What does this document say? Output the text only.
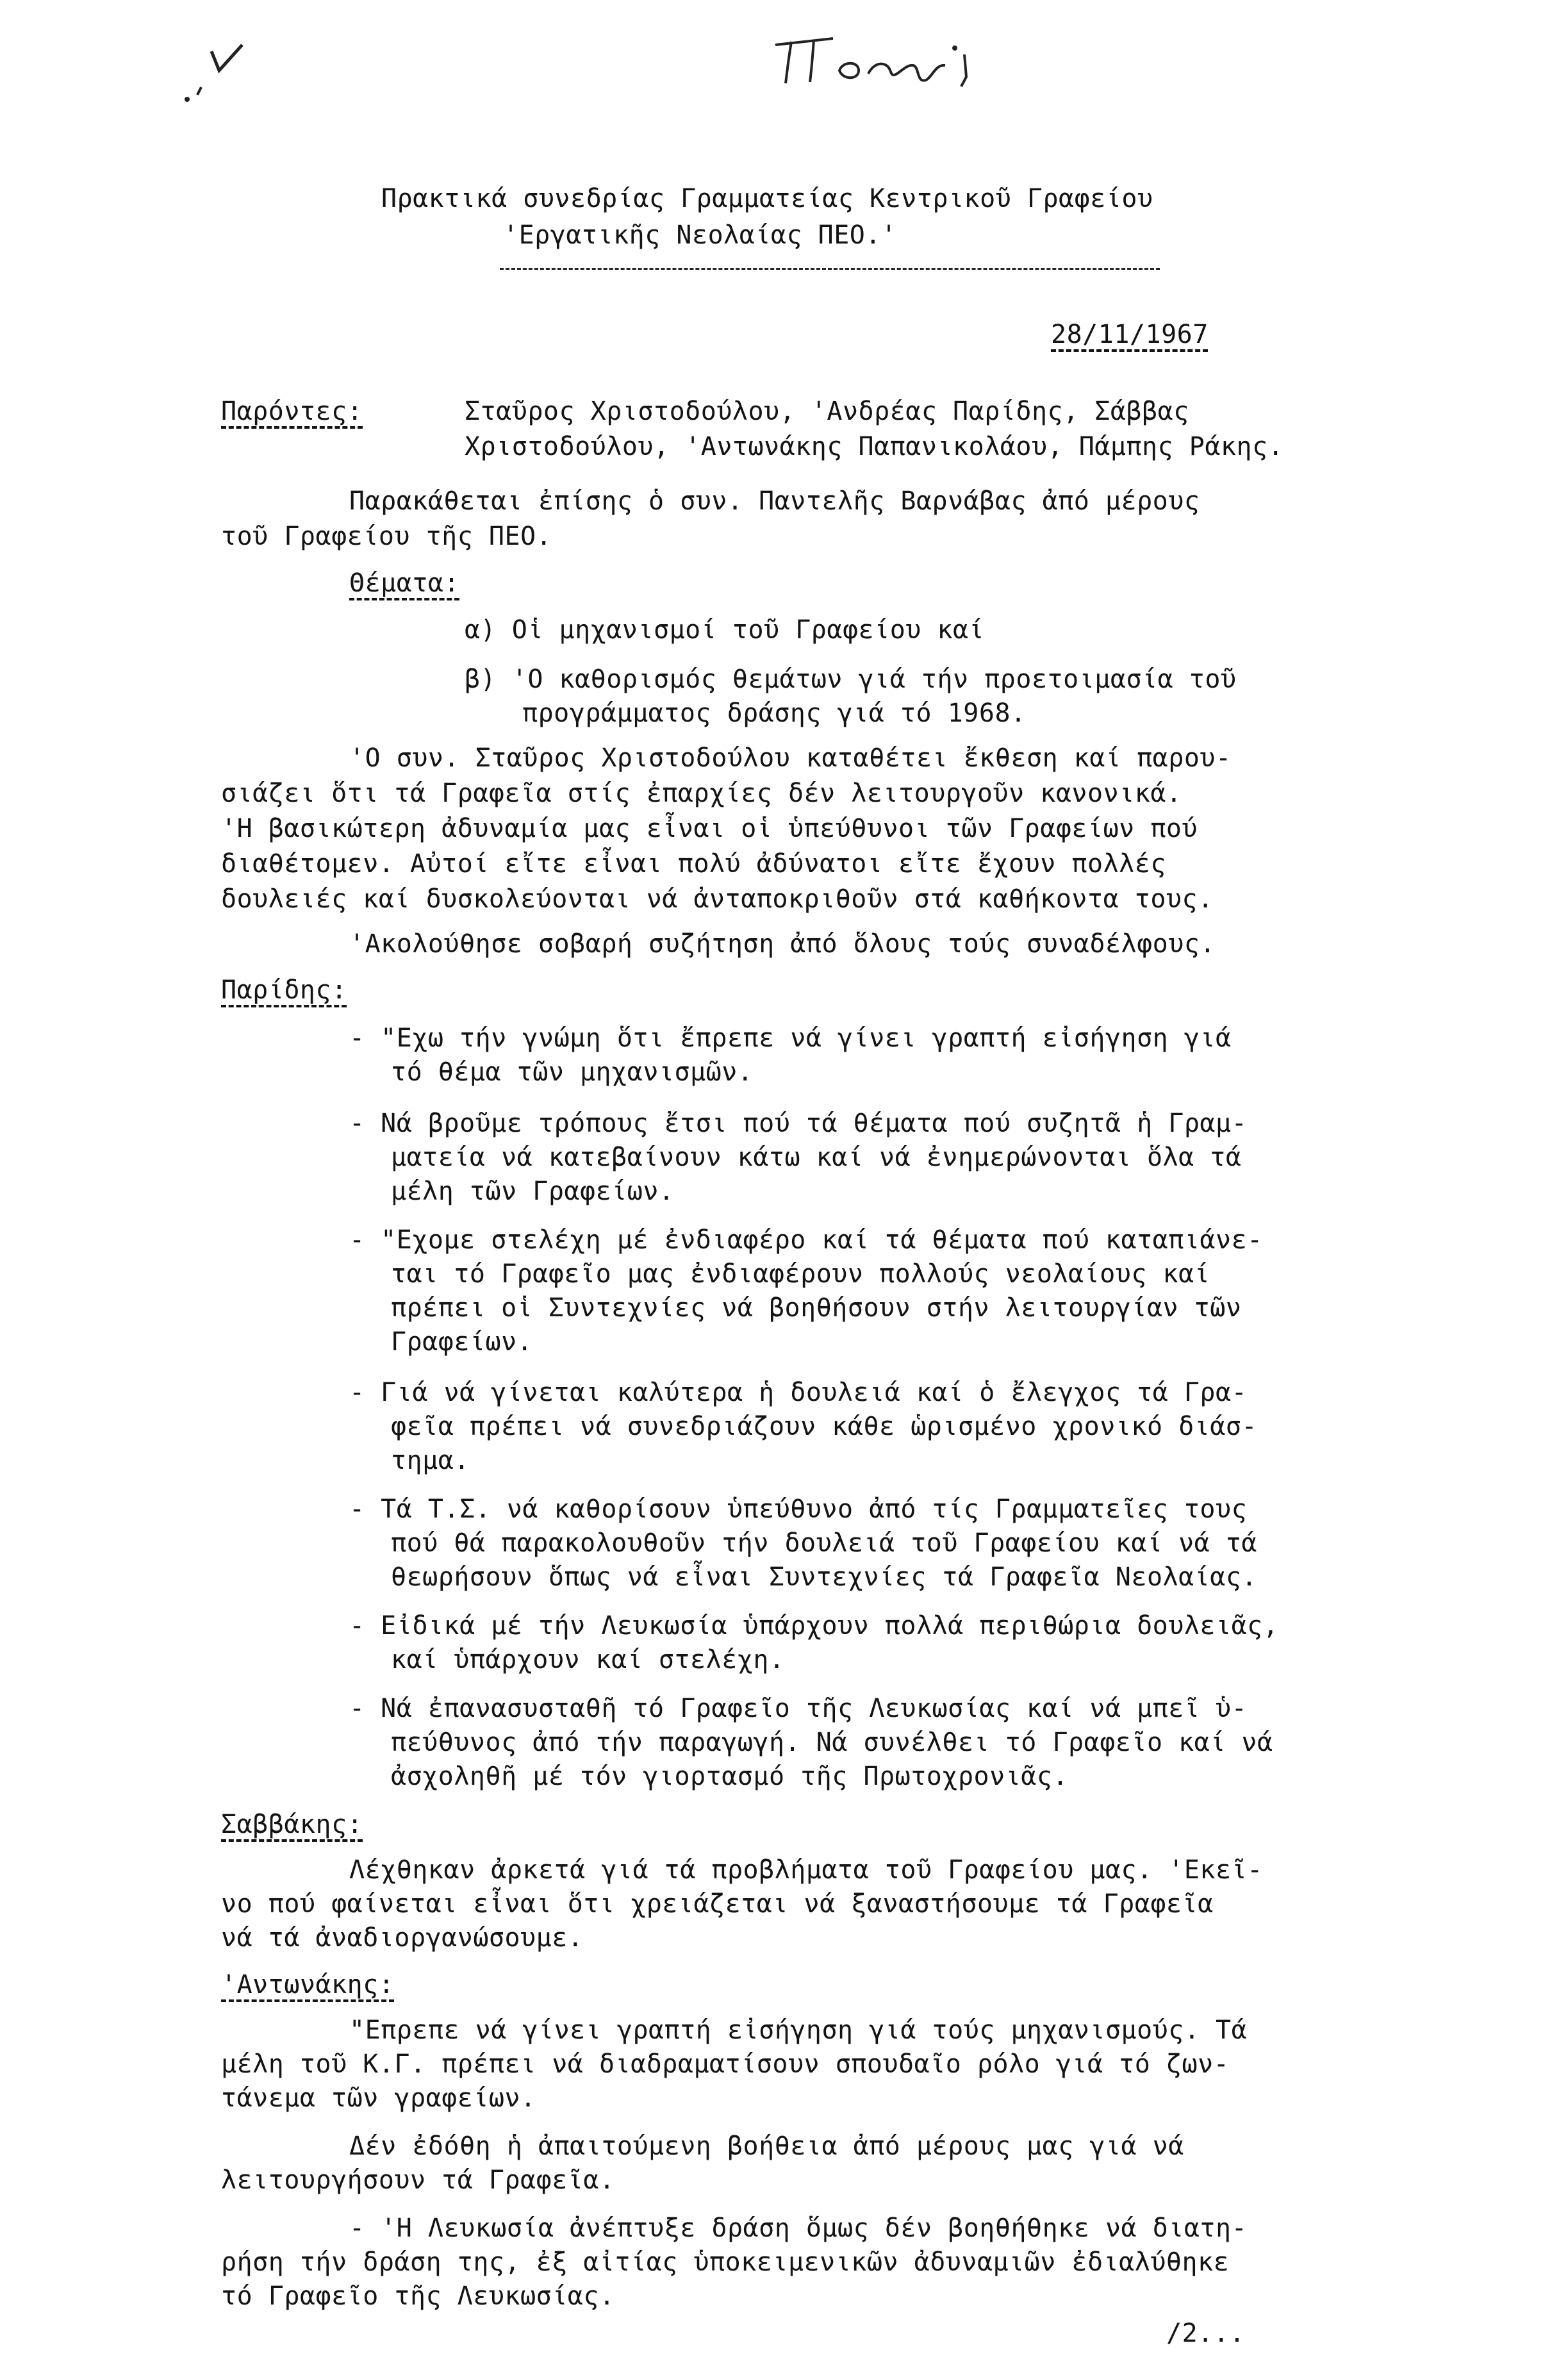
Πρακτικά συνεδρίας Γραμματείας Κεντρικοῦ Γραφείου
'Εργατικῆς Νεολαίας ΠΕΟ.'
28/11/1967
Παρόντες:	Σταῦρος Χριστοδούλου, 'Ανδρέας Παρίδης, Σάββας
Χριστοδούλου, 'Αντωνάκης Παπανικολάου, Πάμπης Ράκης.
Παρακάθεται ἐπίσης ὁ συν. Παντελῆς Βαρνάβας ἀπό μέρους
τοῦ Γραφείου τῆς ΠΕΟ.
Θέματα:
α) Οἱ μηχανισμοί τοῦ Γραφείου καί
β) 'Ο καθορισμός θεμάτων γιά τήν προετοιμασία τοῦ
προγράμματος δράσης γιά τό 1968.
'Ο συν. Σταῦρος Χριστοδούλου καταθέτει ἔκθεση καί παρου-
σιάζει ὅτι τά Γραφεῖα στίς ἐπαρχίες δέν λειτουργοῦν κανονικά.
'Η βασικώτερη ἀδυναμία μας εἶναι οἱ ὑπεύθυνοι τῶν Γραφείων πού
διαθέτομεν. Αὐτοί εἴτε εἶναι πολύ ἀδύνατοι εἴτε ἔχουν πολλές
δουλειές καί δυσκολεύονται νά ἀνταποκριθοῦν στά καθήκοντα τους.
'Ακολούθησε σοβαρή συζήτηση ἀπό ὅλους τούς συναδέλφους.
Παρίδης:
- "Εχω τήν γνώμη ὅτι ἔπρεπε νά γίνει γραπτή εἰσήγηση γιά
τό θέμα τῶν μηχανισμῶν.
- Νά βροῦμε τρόπους ἔτσι πού τά θέματα πού συζητᾶ ἡ Γραμ-
ματεία νά κατεβαίνουν κάτω καί νά ἐνημερώνονται ὅλα τά
μέλη τῶν Γραφείων.
- "Εχομε στελέχη μέ ἐνδιαφέρο καί τά θέματα πού καταπιάνε-
ται τό Γραφεῖο μας ἐνδιαφέρουν πολλούς νεολαίους καί
πρέπει οἱ Συντεχνίες νά βοηθήσουν στήν λειτουργίαν τῶν
Γραφείων.
- Γιά νά γίνεται καλύτερα ἡ δουλειά καί ὁ ἔλεγχος τά Γρα-
φεῖα πρέπει νά συνεδριάζουν κάθε ὡρισμένο χρονικό διάσ-
τημα.
- Τά Τ.Σ. νά καθορίσουν ὑπεύθυνο ἀπό τίς Γραμματεῖες τους
πού θά παρακολουθοῦν τήν δουλειά τοῦ Γραφείου καί νά τά
θεωρήσουν ὅπως νά εἶναι Συντεχνίες τά Γραφεῖα Νεολαίας.
- Εἰδικά μέ τήν Λευκωσία ὑπάρχουν πολλά περιθώρια δουλειᾶς,
καί ὑπάρχουν καί στελέχη.
- Νά ἐπανασυσταθῆ τό Γραφεῖο τῆς Λευκωσίας καί νά μπεῖ ὑ-
πεύθυνος ἀπό τήν παραγωγή. Νά συνέλθει τό Γραφεῖο καί νά
ἀσχοληθῆ μέ τόν γιορτασμό τῆς Πρωτοχρονιᾶς.
Σαββάκης:
Λέχθηκαν ἀρκετά γιά τά προβλήματα τοῦ Γραφείου μας. 'Εκεῖ-
νο πού φαίνεται εἶναι ὅτι χρειάζεται νά ξαναστήσουμε τά Γραφεῖα
νά τά ἀναδιοργανώσουμε.
'Αντωνάκης:
"Επρεπε νά γίνει γραπτή εἰσήγηση γιά τούς μηχανισμούς. Τά
μέλη τοῦ Κ.Γ. πρέπει νά διαδραματίσουν σπουδαῖο ρόλο γιά τό ζων-
τάνεμα τῶν γραφείων.
Δέν ἐδόθη ἡ ἀπαιτούμενη βοήθεια ἀπό μέρους μας γιά νά
λειτουργήσουν τά Γραφεῖα.
- 'Η Λευκωσία ἀνέπτυξε δράση ὅμως δέν βοηθήθηκε νά διατη-
ρήση τήν δράση της, ἐξ αἰτίας ὑποκειμενικῶν ἀδυναμιῶν ἐδιαλύθηκε
τό Γραφεῖο τῆς Λευκωσίας.
/2...
